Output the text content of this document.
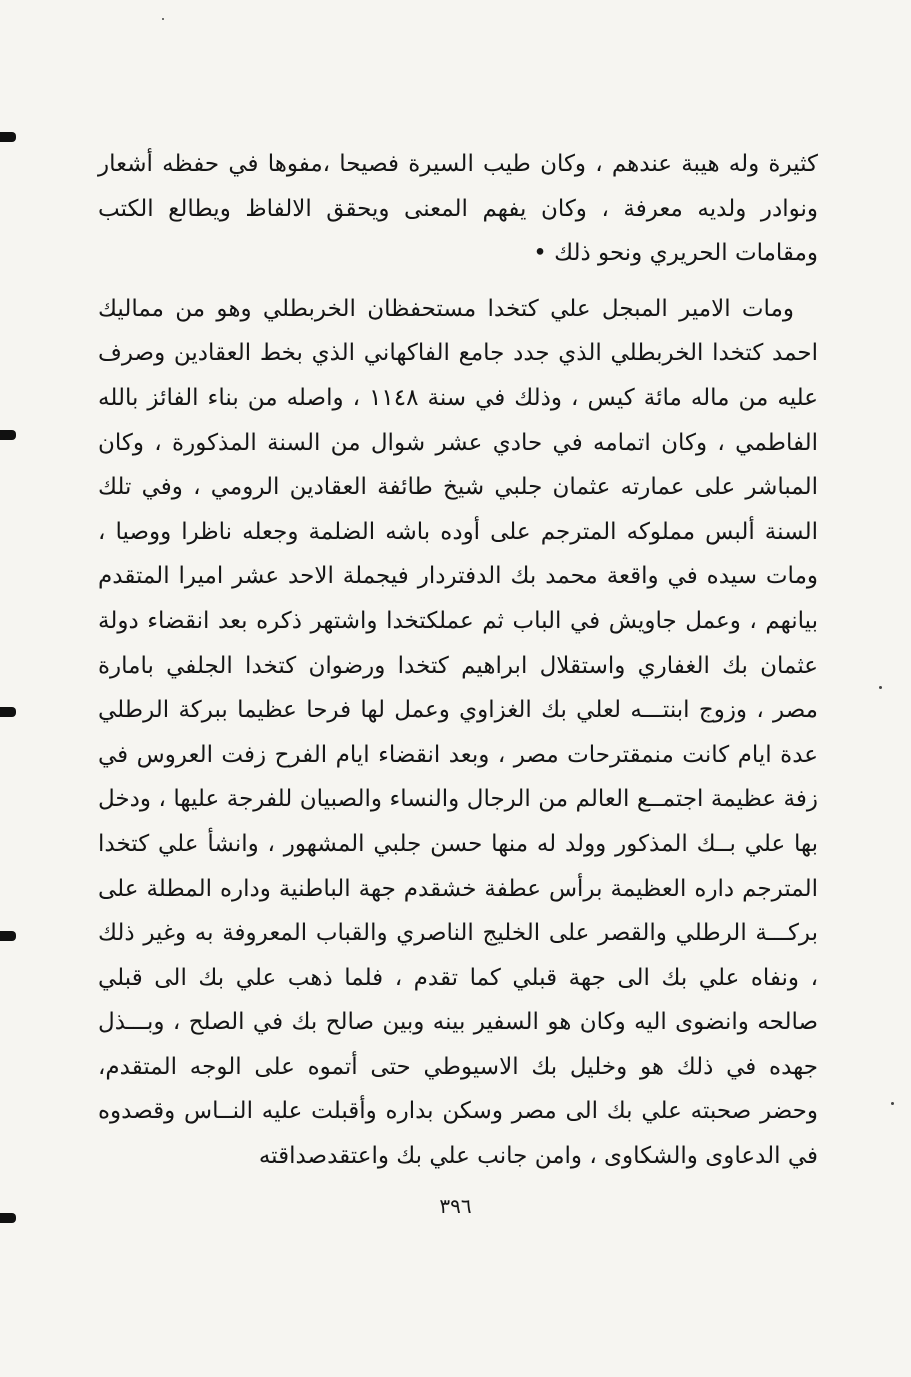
كثيرة وله هيبة عندهم ، وكان طيب السيرة فصيحا ،مفوها في حفظه أشعار ونوادر ولديه معرفة ، وكان يفهم المعنى ويحقق الالفاظ ويطالع الكتب ومقامات الحريري ونحو ذلك •

ومات الامير المبجل علي كتخدا مستحفظان الخربطلي وهو من مماليك احمد كتخدا الخربطلي الذي جدد جامع الفاكهاني الذي بخط العقادين وصرف عليه من ماله مائة كيس ، وذلك في سنة ١١٤٨ ، واصله من بناء الفائز بالله الفاطمي ، وكان اتمامه في حادي عشر شوال من السنة المذكورة ، وكان المباشر على عمارته عثمان جلبي شيخ طائفة العقادين الرومي ، وفي تلك السنة ألبس مملوكه المترجم على أوده باشه الضلمة وجعله ناظرا ووصيا ، ومات سيده في واقعة محمد بك الدفتردار فيجملة الاحد عشر اميرا المتقدم بيانهم ، وعمل جاويش في الباب ثم عملكتخدا واشتهر ذكره بعد انقضاء دولة عثمان بك الغفاري واستقلال ابراهيم كتخدا ورضوان كتخدا الجلفي بامارة مصر ، وزوج ابنتـــه لعلي بك الغزاوي وعمل لها فرحا عظيما ببركة الرطلي عدة ايام كانت منمقترحات مصر ، وبعد انقضاء ايام الفرح زفت العروس في زفة عظيمة اجتمــع العالم من الرجال والنساء والصبيان للفرجة عليها ، ودخل بها علي بــك المذكور وولد له منها حسن جلبي المشهور ، وانشأ علي كتخدا المترجم داره العظيمة برأس عطفة خشقدم جهة الباطنية وداره المطلة على بركـــة الرطلي والقصر على الخليج الناصري والقباب المعروفة به وغير ذلك ، ونفاه علي بك الى جهة قبلي كما تقدم ، فلما ذهب علي بك الى قبلي صالحه وانضوى اليه وكان هو السفير بينه وبين صالح بك في الصلح ، وبـــذل جهده في ذلك هو وخليل بك الاسيوطي حتى أتموه على الوجه المتقدم، وحضر صحبته علي بك الى مصر وسكن بداره وأقبلت عليه النــاس وقصدوه في الدعاوى والشكاوى ، وامن جانب علي بك واعتقدصداقته

٣٩٦
